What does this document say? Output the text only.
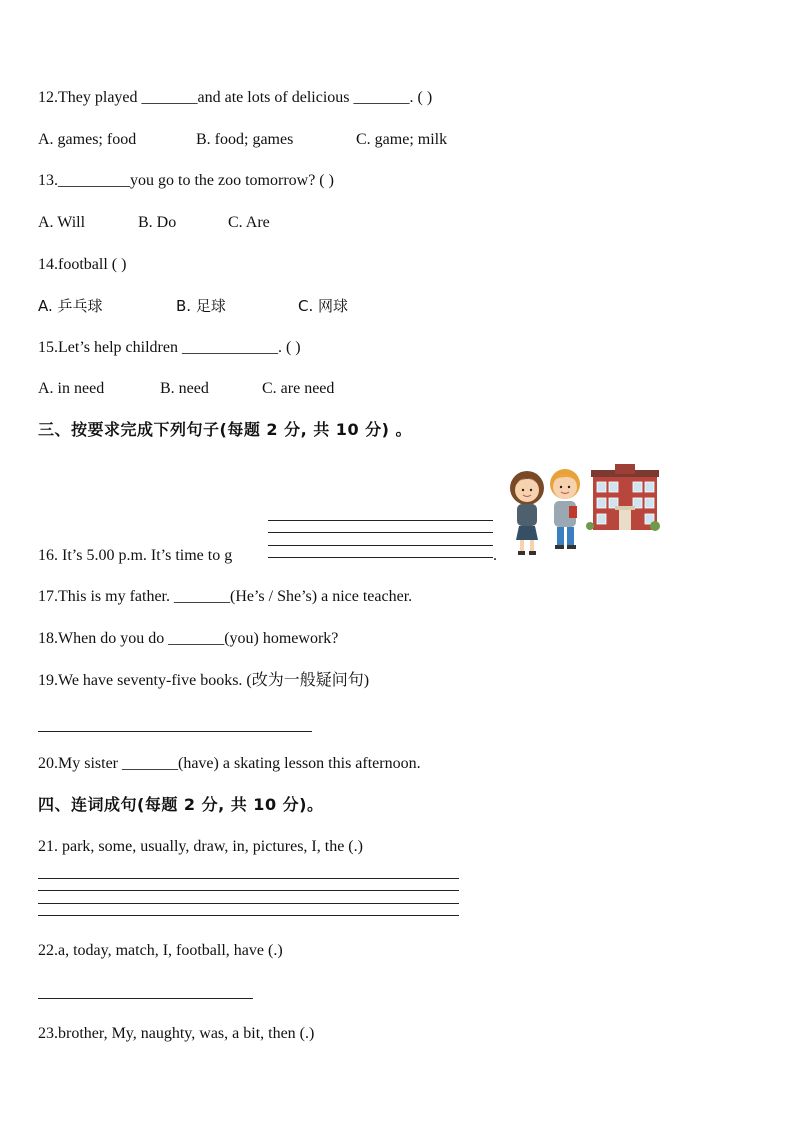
12.They played _______and ate lots of delicious _______. ( )
A. games; food	B. food; games	C. game; milk
13._________you go to the zoo tomorrow? ( )
A. Will	B. Do	C. Are
14.football ( )
A. 乒乓球	B. 足球	C. 网球
15.Let’s help children ____________. ( )
A. in need	B. need	C. are need
三、按要求完成下列句子(每题 2 分, 共 10 分) 。
16. It’s 5.00 p.m. It’s time to g	.
17.This is my father. _______(He’s / She’s) a nice teacher.
18.When do you do _______(you) homework?
19.We have seventy-five books. (改为一般疑问句)
20.My sister _______(have) a skating lesson this afternoon.
四、连词成句(每题 2 分, 共 10 分)。
21. park, some, usually, draw, in, pictures, I, the (.)
22.a, today, match, I, football, have (.)
23.brother, My, naughty, was, a bit, then (.)
